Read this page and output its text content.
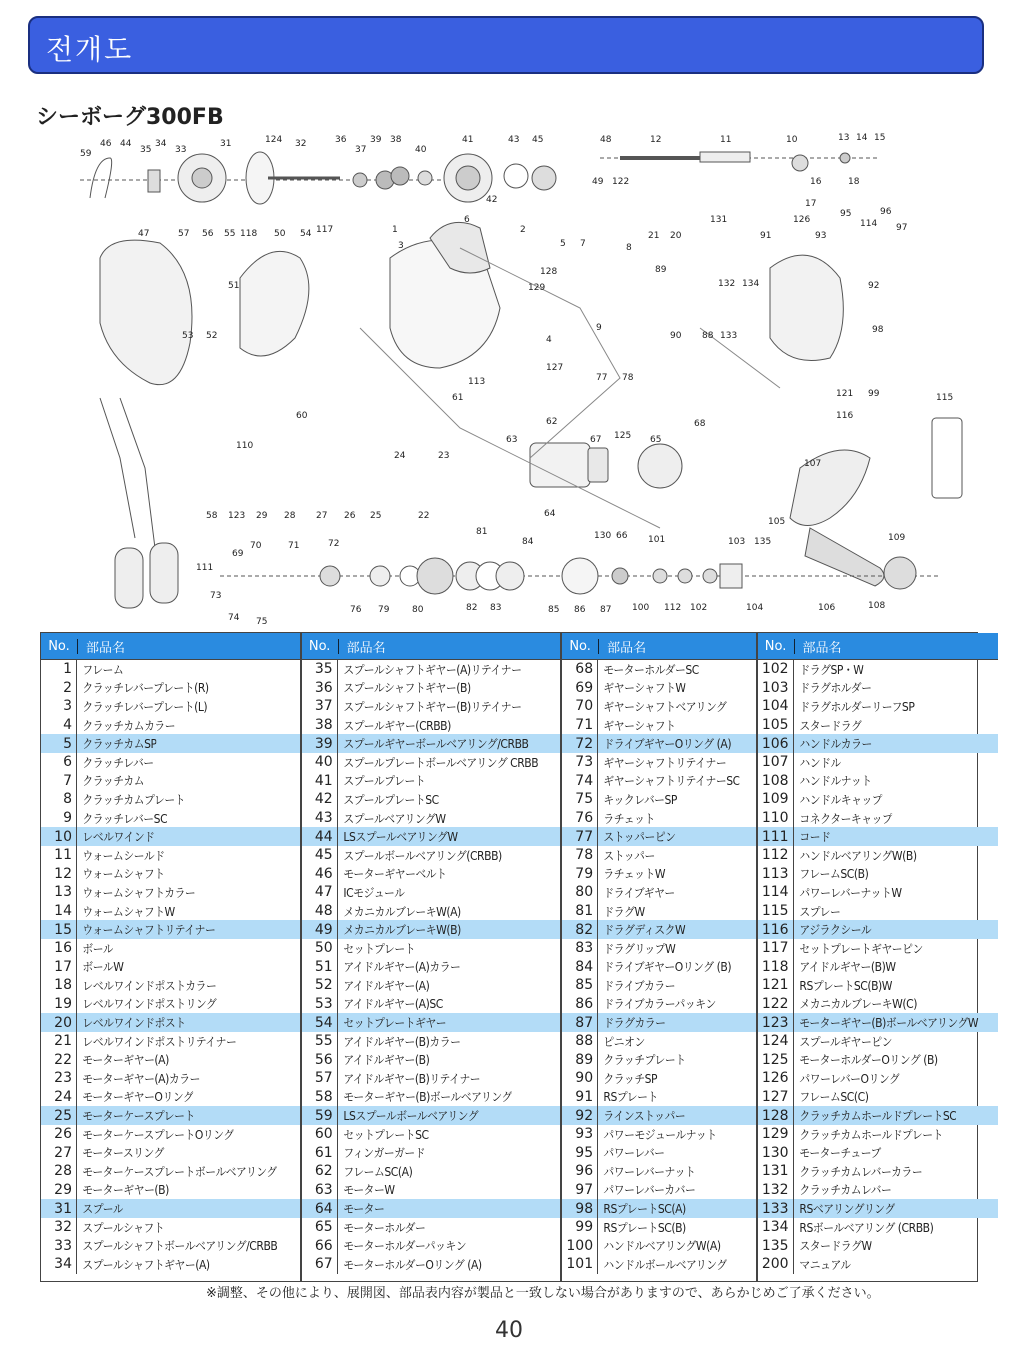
전개도
シーボーグ300FB
59
46 44
35
34
33
31	124 32	36
37
39 38
40
41	43 45	48	12	11	10	13 14 15
16	18
17
49 122
42
47	57 56 55 118 50 54 117
6
1	2
5 7	8
3
128
129
21 20
131	126
95
114
96
97
93
91
51
53 52	4
9
89
132 134
90 88 133
92
98
113
61
60
127
77 78
62
121 99
110
24	23
58 123 29 28 27 26 25	22
63	67 125 65
68
64
116
115
107
105
130 66 101	103 135	109
69
70	71	72	84
81
111
73
75
74
76 79	80	82 83	85 86 87 100 112 102	104	106	108
No.	部品名
1 フレーム
2 クラッチレバープレート(R)
3 クラッチレバープレート(L)
4 クラッチカムカラー
5 クラッチカムSP
6 クラッチレバー
7 クラッチカム
8 クラッチカムプレート
9 クラッチレバーSC
10 レベルワインド
11 ウォームシールド
12 ウォームシャフト
13 ウォームシャフトカラー
14 ウォームシャフトW
15 ウォームシャフトリテイナー
16 ボール
17 ボールW
18 レベルワインドポストカラー
19 レベルワインドポストリング
20 レベルワインドポスト
21 レベルワインドポストリテイナー
22 モーターギヤー(A)
23 モーターギヤー(A)カラー
24 モーターギヤーOリング
25 モーターケースプレート
26 モーターケースプレートOリング
27 モータースリング
28 モーターケースプレートボールベアリング
29 モーターギヤー(B)
31 スプール
32 スプールシャフト
33 スプールシャフトボールベアリング/CRBB
34 スプールシャフトギヤー(A)
No.	部品名
35 スプールシャフトギヤー(A)リテイナー
36 スプールシャフトギヤー(B)
37 スプールシャフトギヤー(B)リテイナー
38 スプールギヤー(CRBB)
39 スプールギヤーボールベアリング/CRBB
40 スプールプレートボールベアリング CRBB
41 スプールプレート
42 スプールプレートSC
43 スプールベアリングW
44 LSスプールベアリングW
45 スプールボールベアリング(CRBB)
46 モーターギヤーベルト
47 ICモジュール
48 メカニカルブレーキW(A)
49 メカニカルブレーキW(B)
50 セットプレート
51 アイドルギヤー(A)カラー
52 アイドルギヤー(A)
53 アイドルギヤー(A)SC
54 セットプレートギヤー
55 アイドルギヤー(B)カラー
56 アイドルギヤー(B)
57 アイドルギヤー(B)リテイナー
58 モーターギヤー(B)ボールベアリング
59 LSスプールボールベアリング
60 セットプレートSC
61 フィンガーガード
62 フレームSC(A)
63 モーターW
64 モーター
65 モーターホルダー
66 モーターホルダーパッキン
67 モーターホルダーOリング (A)
No.	部品名
68 モーターホルダーSC
69 ギヤーシャフトW
70 ギヤーシャフトベアリング
71 ギヤーシャフト
72 ドライブギヤーOリング (A)
73 ギヤーシャフトリテイナー
74 ギヤーシャフトリテイナーSC
75 キックレバーSP
76 ラチェット
77 ストッパーピン
78 ストッパー
79 ラチェットW
80 ドライブギヤー
81 ドラグW
82 ドラグディスクW
83 ドラグリップW
84 ドライブギヤーOリング (B)
85 ドライブカラー
86 ドライブカラーパッキン
87 ドラグカラー
88 ピニオン
89 クラッチプレート
90 クラッチSP
91 RSプレート
92 ラインストッパー
93 パワーモジュールナット
95 パワーレバー
96 パワーレバーナット
97 パワーレバーカバー
98 RSプレートSC(A)
99 RSプレートSC(B)
100 ハンドルベアリングW(A)
101 ハンドルボールベアリング
No.	部品名
102 ドラグSP・W
103 ドラグホルダー
104 ドラグホルダーリーフSP
105 スタードラグ
106 ハンドルカラー
107 ハンドル
108 ハンドルナット
109 ハンドルキャップ
110 コネクターキャップ
111 コード
112 ハンドルベアリングW(B)
113 フレームSC(B)
114 パワーレバーナットW
115 スプレー
116 アジラクシール
117 セットプレートギヤーピン
118 アイドルギヤー(B)W
121 RSプレートSC(B)W
122 メカニカルブレーキW(C)
123 モーターギヤー(B)ボールベアリングW
124 スプールギヤーピン
125 モーターホルダーOリング (B)
126 パワーレバーOリング
127 フレームSC(C)
128 クラッチカムホールドプレートSC
129 クラッチカムホールドプレート
130 モーターチューブ
131 クラッチカムレバーカラー
132 クラッチカムレバー
133 RSベアリングリング
134 RSボールベアリング (CRBB)
135 スタードラグW
200 マニュアル
※調整、その他により、展開図、部品表内容が製品と一致しない場合がありますので、あらかじめご了承ください。
40
